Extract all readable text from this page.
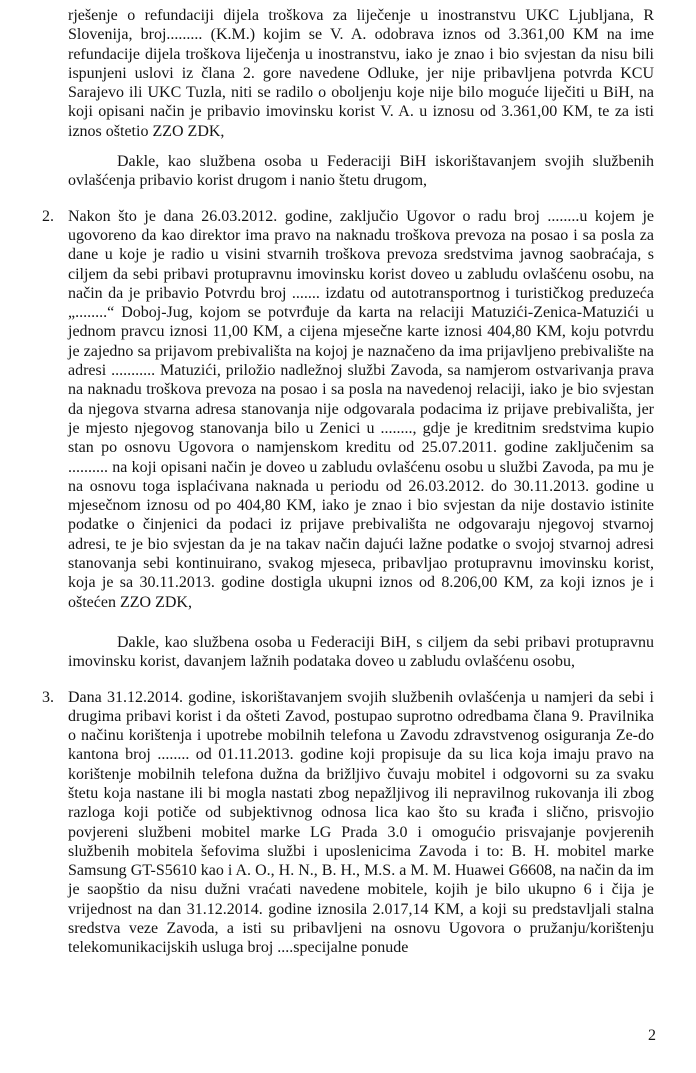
rješenje o refundaciji dijela troškova za liječenje u inostranstvu UKC Ljubljana, R Slovenija, broj......... (K.M.) kojim se V. A. odobrava iznos od 3.361,00 KM na ime refundacije dijela troškova liječenja u inostranstvu, iako je znao i bio svjestan da nisu bili ispunjeni uslovi iz člana 2. gore navedene Odluke, jer nije pribavljena potvrda KCU Sarajevo ili UKC Tuzla, niti se radilo o oboljenju koje nije bilo moguće liječiti u BiH, na koji opisani način je pribavio imovinsku korist V. A. u iznosu od 3.361,00 KM, te za isti iznos oštetio ZZO ZDK,
Dakle, kao službena osoba u Federaciji BiH iskorištavanjem svojih službenih ovlašćenja pribavio korist drugom i nanio štetu drugom,
2. Nakon što je dana 26.03.2012. godine, zaključio Ugovor o radu broj ........u kojem je ugovoreno da kao direktor ima pravo na naknadu troškova prevoza na posao i sa posla za dane u koje je radio u visini stvarnih troškova prevoza sredstvima javnog saobraćaja, s ciljem da sebi pribavi protupravnu imovinsku korist doveo u zabludu ovlašćenu osobu, na način da je pribavio Potvrdu broj ....... izdatu od autotransportnog i turističkog preduzeća „........“ Doboj-Jug, kojom se potvrđuje da karta na relaciji Matuzići-Zenica-Matuzići u jednom pravcu iznosi 11,00 KM, a cijena mjesečne karte iznosi 404,80 KM, koju potvrdu je zajedno sa prijavom prebivališta na kojoj je naznačeno da ima prijavljeno prebivalište na adresi ........... Matuzići, priložio nadležnoj službi Zavoda, sa namjerom ostvarivanja prava na naknadu troškova prevoza na posao i sa posla na navedenoj relaciji, iako je bio svjestan da njegova stvarna adresa stanovanja nije odgovarala podacima iz prijave prebivališta, jer je mjesto njegovog stanovanja bilo u Zenici u ........, gdje je kreditnim sredstvima kupio stan po osnovu Ugovora o namjenskom kreditu od 25.07.2011. godine zaključenim sa .......... na koji opisani način je doveo u zabludu ovlašćenu osobu u službi Zavoda, pa mu je na osnovu toga isplaćivana naknada u periodu od 26.03.2012. do 30.11.2013. godine u mjesečnom iznosu od po 404,80 KM, iako je znao i bio svjestan da nije dostavio istinite podatke o činjenici da podaci iz prijave prebivališta ne odgovaraju njegovoj stvarnoj adresi, te je bio svjestan da je na takav način dajući lažne podatke o svojoj stvarnoj adresi stanovanja sebi kontinuirano, svakog mjeseca, pribavljao protupravnu imovinsku korist, koja je sa 30.11.2013. godine dostigla ukupni iznos od 8.206,00 KM, za koji iznos je i oštećen ZZO ZDK,
Dakle, kao službena osoba u Federaciji BiH, s ciljem da sebi pribavi protupravnu imovinsku korist, davanjem lažnih podataka doveo u zabludu ovlašćenu osobu,
3. Dana 31.12.2014. godine, iskorištavanjem svojih službenih ovlašćenja u namjeri da sebi i drugima pribavi korist i da ošteti Zavod, postupao suprotno odredbama člana 9. Pravilnika o načinu korištenja i upotrebe mobilnih telefona u Zavodu zdravstvenog osiguranja Ze-do kantona broj ........ od 01.11.2013. godine koji propisuje da su lica koja imaju pravo na korištenje mobilnih telefona dužna da brižljivo čuvaju mobitel i odgovorni su za svaku štetu koja nastane ili bi mogla nastati zbog nepažljivog ili nepravilnog rukovanja ili zbog razloga koji potiče od subjektivnog odnosa lica kao što su krađa i slično, prisvojio povjereni službeni mobitel marke LG Prada 3.0 i omogućio prisvajanje povjerenih službenih mobitela šefovima službi i uposlenicima Zavoda i to: B. H. mobitel marke Samsung GT-S5610 kao i A. O., H. N., B. H., M.S. a M. M. Huawei G6608, na način da im je saopštio da nisu dužni vraćati navedene mobitele, kojih je bilo ukupno 6 i čija je vrijednost na dan 31.12.2014. godine iznosila 2.017,14 KM, a koji su predstavljali stalna sredstva veze Zavoda, a isti su pribavljeni na osnovu Ugovora o pružanju/korištenju telekomunikacijskih usluga broj ....specijalne ponude
2
